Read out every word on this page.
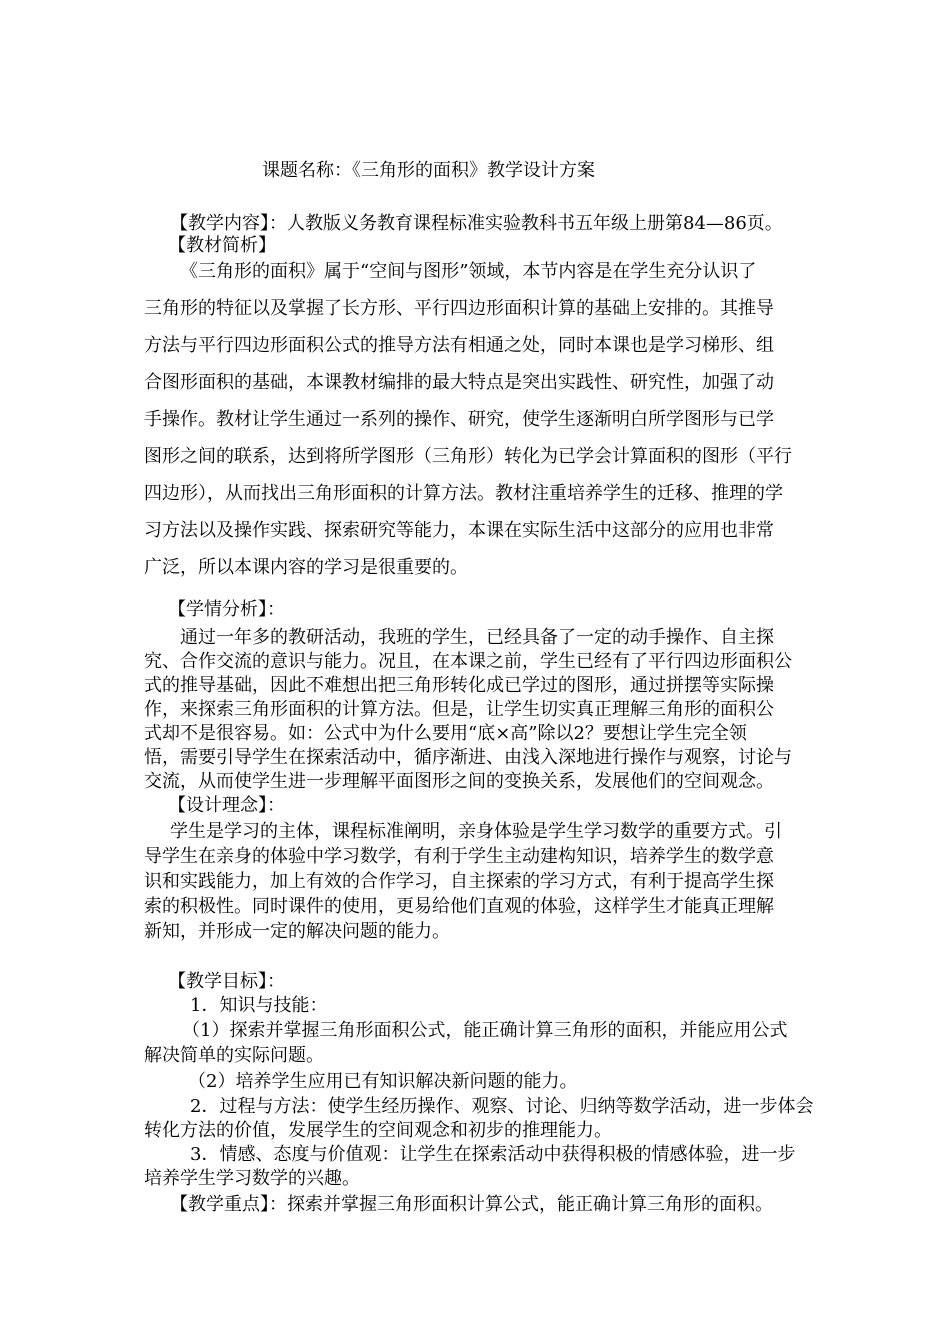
课题名称：《三角形的面积》教学设计方案
【教学内容】：人教版义务教育课程标准实验教科书五年级上册第84—86页。
【教材简析】
《三角形的面积》属于“空间与图形”领域，本节内容是在学生充分认识了
三角形的特征以及掌握了长方形、平行四边形面积计算的基础上安排的。其推导
方法与平行四边形面积公式的推导方法有相通之处，同时本课也是学习梯形、组
合图形面积的基础，本课教材编排的最大特点是突出实践性、研究性，加强了动
手操作。教材让学生通过一系列的操作、研究，使学生逐渐明白所学图形与已学
图形之间的联系，达到将所学图形（三角形）转化为已学会计算面积的图形（平行
四边形），从而找出三角形面积的计算方法。教材注重培养学生的迁移、推理的学
习方法以及操作实践、探索研究等能力，本课在实际生活中这部分的应用也非常
广泛，所以本课内容的学习是很重要的。
【学情分析】：
通过一年多的教研活动，我班的学生，已经具备了一定的动手操作、自主探
究、合作交流的意识与能力。况且，在本课之前，学生已经有了平行四边形面积公
式的推导基础，因此不难想出把三角形转化成已学过的图形，通过拼摆等实际操
作，来探索三角形面积的计算方法。但是，让学生切实真正理解三角形的面积公
式却不是很容易。如：公式中为什么要用“底×高”除以2？要想让学生完全领
悟，需要引导学生在探索活动中，循序渐进、由浅入深地进行操作与观察，讨论与
交流，从而使学生进一步理解平面图形之间的变换关系，发展他们的空间观念。
【设计理念】：
学生是学习的主体，课程标准阐明，亲身体验是学生学习数学的重要方式。引
导学生在亲身的体验中学习数学，有利于学生主动建构知识，培养学生的数学意
识和实践能力，加上有效的合作学习，自主探索的学习方式，有利于提高学生探
索的积极性。同时课件的使用，更易给他们直观的体验，这样学生才能真正理解
新知，并形成一定的解决问题的能力。
【教学目标】：
1．知识与技能：
（1）探索并掌握三角形面积公式，能正确计算三角形的面积，并能应用公式
解决简单的实际问题。
（2）培养学生应用已有知识解决新问题的能力。
2．过程与方法：使学生经历操作、观察、讨论、归纳等数学活动，进一步体会
转化方法的价值，发展学生的空间观念和初步的推理能力。
3．情感、态度与价值观：让学生在探索活动中获得积极的情感体验，进一步
培养学生学习数学的兴趣。
【教学重点】：探索并掌握三角形面积计算公式，能正确计算三角形的面积。
